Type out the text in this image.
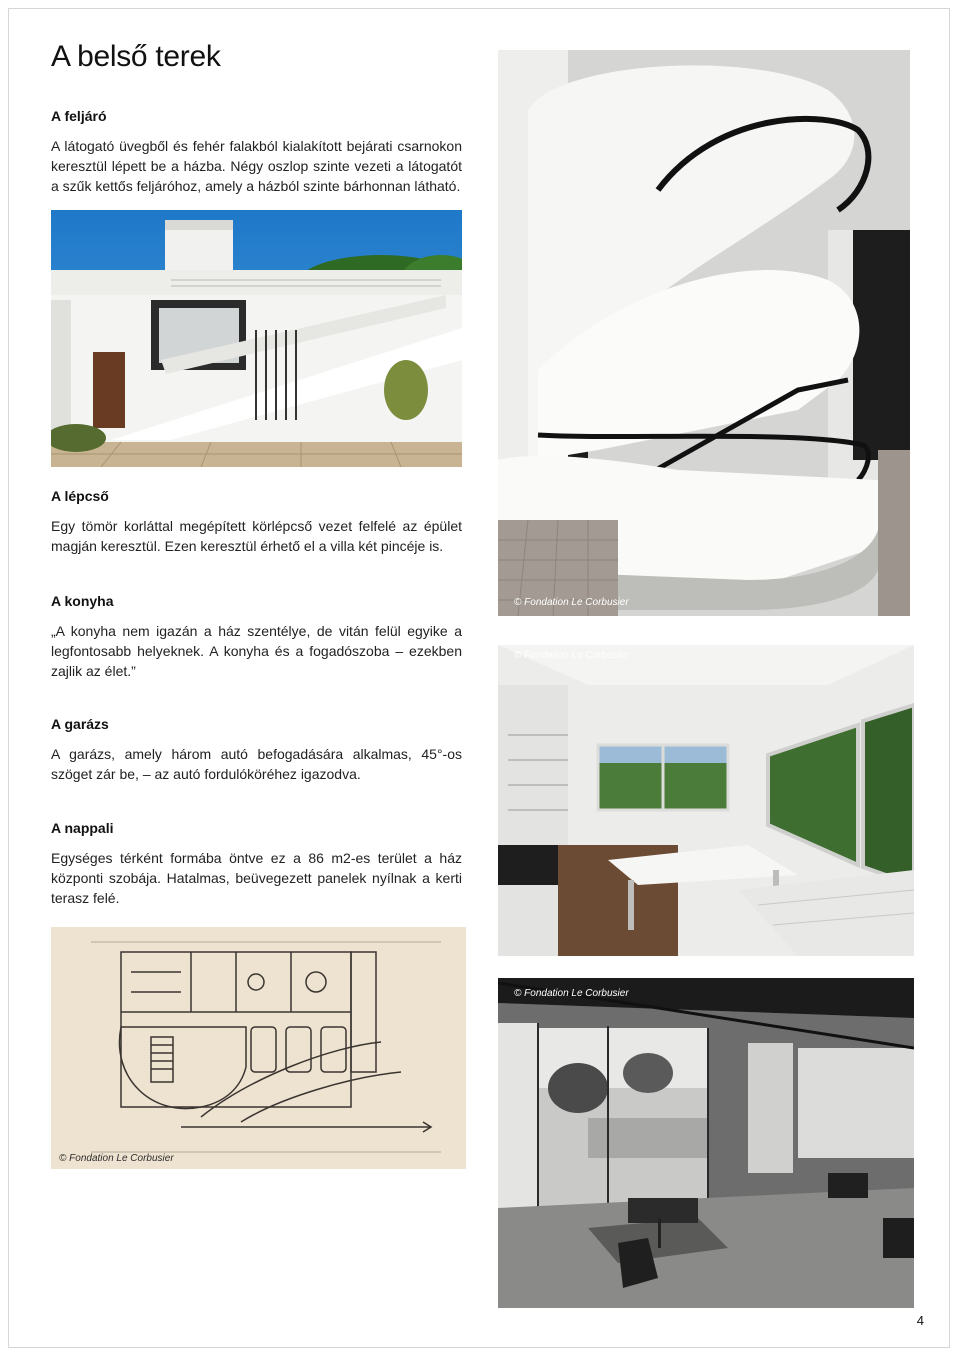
A belső terek
A feljáró

A látogató üvegből és fehér falakból kialakított bejárati csarnokon keresztül lépett be a házba. Négy oszlop szinte vezeti a látogatót a szűk kettős feljáróhoz, amely a házból szinte bárhonnan látható.

A lépcső

Egy tömör korláttal megépített körlépcső vezet felfelé az épület magján keresztül. Ezen keresztül érhető el a villa két pincéje is.

A konyha

„A konyha nem igazán a ház szentélye, de vitán felül egyike a legfontosabb helyeknek. A konyha és a fogadószoba – ezekben zajlik az élet.”

A garázs

A garázs, amely három autó befogadására alkalmas, 45°-os szöget zár be, – az autó fordulóköréhez igazodva.

A nappali

Egységes térként formába öntve ez a 86 m2-es terület a ház központi szobája. Hatalmas, beüvegezett panelek nyílnak a kerti terasz felé.

© Fondation Le Corbusier
© Fondation Le Corbusier
© Fondation Le Corbusier
© Fondation Le Corbusier
4
